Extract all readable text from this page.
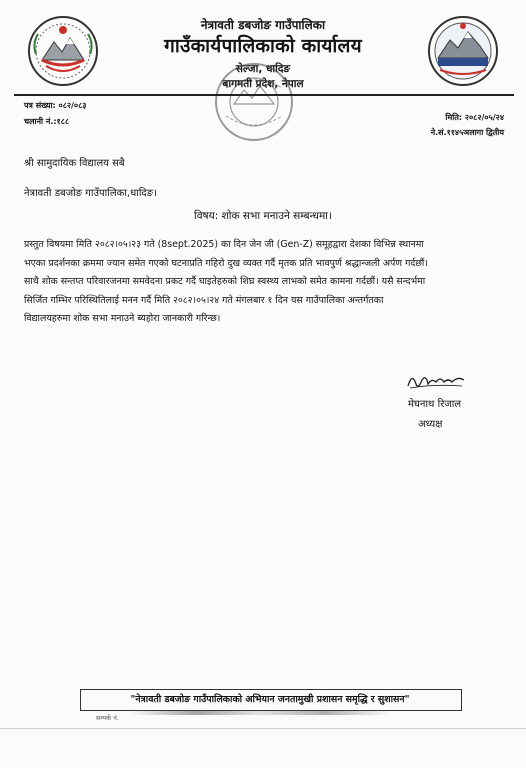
नेत्रावती डबजोङ गाउँपालिका
गाउँकार्यपालिकाको कार्यालय
सेल्जा, धादिङ
बागमती प्रदेश, नेपाल
पत्र संख्या: ०८२/०८३
चलानी नं.:१८८	मिति: २०८२/०५/२४
ने.सं.११४५ञलागा द्वितीय
श्री सामुदायिक विद्यालय सबै
नेत्रावती डबजोङ गाउँपालिका,धादिङ।
विषय: शोक सभा मनाउने सम्बन्धमा।
प्रस्तुत विषयमा मिति २०८२।०५।२३ गते (8sept.2025) का दिन जेन जी (Gen-Z) समूहद्वारा देशका विभिन्न स्थानमा
भएका प्रदर्शनका क्रममा ज्यान समेत गएको घटनाप्रति गहिरो दुख व्यक्त गर्दै मृतक प्रति भावपुर्ण श्रद्धान्जली अर्पण गर्दछौं।
साथै शोक सन्तप्त परिवारजनमा समवेदना प्रकट गर्दै घाइतेहरुको शिघ्र स्वस्थ्य लाभको समेत कामना गर्दछौं। यसै सन्दर्भमा
सिर्जित गम्भिर परिस्थितिलाई मनन गर्दै मिति २०८२।०५।२४ गते मंगलबार १ दिन यस गाउँपालिका अन्तर्गतका
विद्यालयहरुमा शोक सभा मनाउने ब्यहोरा जानकारी गरिन्छ।
मेघनाथ रिजाल
अध्यक्ष
"नेत्रावती डबजोङ गाउँपालिकाको अभियान जनतामुखी प्रशासन समृद्धि र सुशासन"
सम्पर्क नं.
